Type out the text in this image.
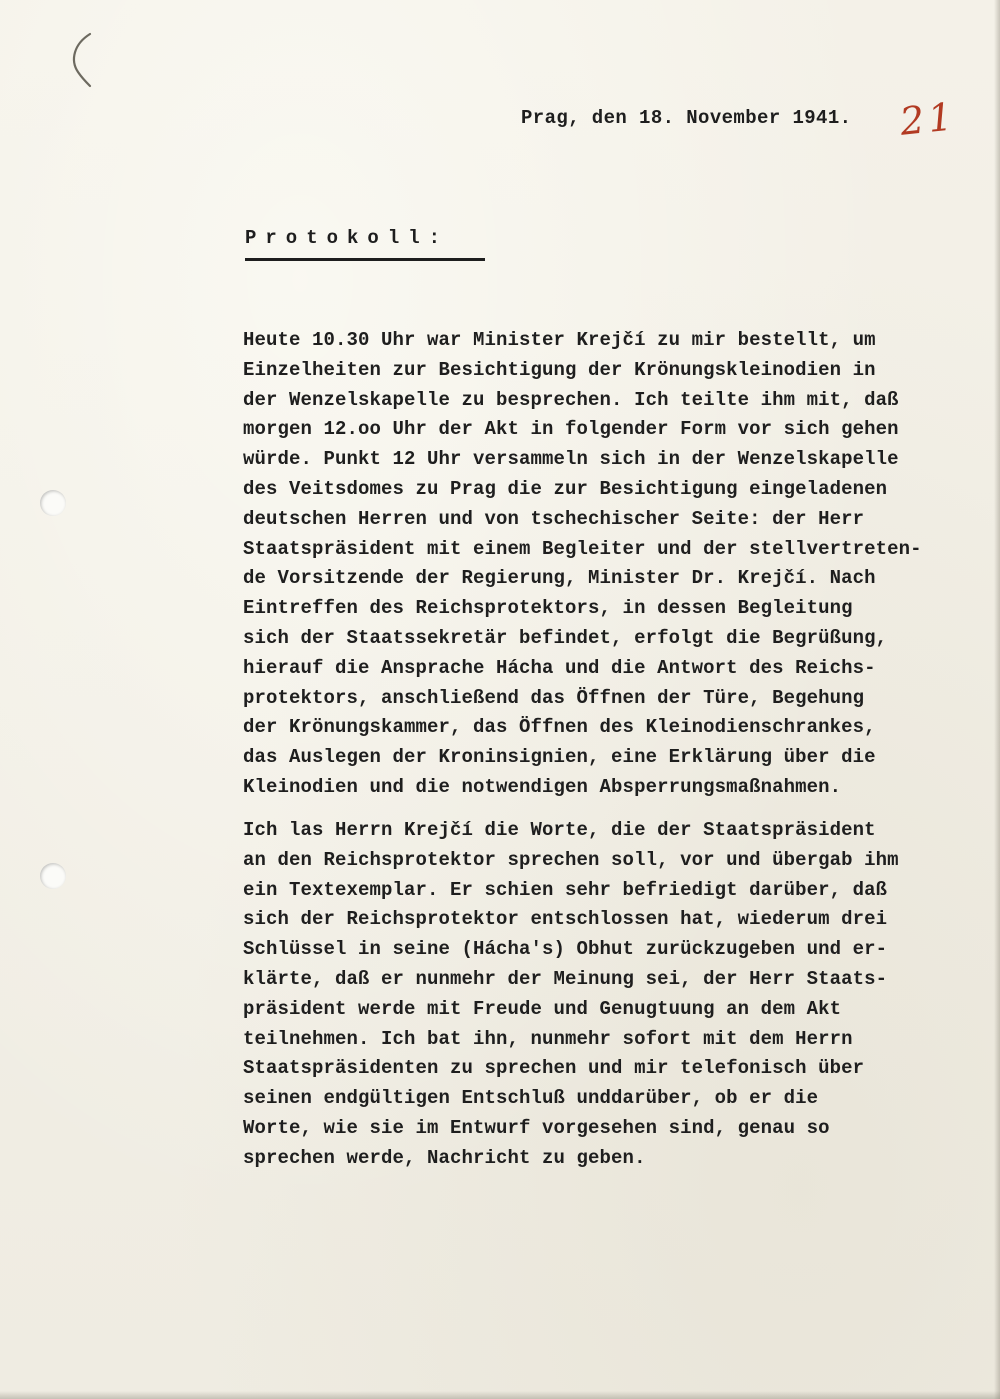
Prag, den 18. November 1941. 21
Protokoll:
Heute 10.30 Uhr war Minister Krejčí zu mir bestellt, um
Einzelheiten zur Besichtigung der Krönungskleinodien in
der Wenzelskapelle zu besprechen. Ich teilte ihm mit, daß
morgen 12.oo Uhr der Akt in folgender Form vor sich gehen
würde. Punkt 12 Uhr versammeln sich in der Wenzelskapelle
des Veitsdomes zu Prag die zur Besichtigung eingeladenen
deutschen Herren und von tschechischer Seite: der Herr
Staatspräsident mit einem Begleiter und der stellvertreten-
de Vorsitzende der Regierung, Minister Dr. Krejčí. Nach
Eintreffen des Reichsprotektors, in dessen Begleitung
sich der Staatssekretär befindet, erfolgt die Begrüßung,
hierauf die Ansprache Hácha und die Antwort des Reichs-
protektors, anschließend das Öffnen der Türe, Begehung
der Krönungskammer, das Öffnen des Kleinodienschrankes,
das Auslegen der Kroninsignien, eine Erklärung über die
Kleinodien und die notwendigen Absperrungsmaßnahmen.
Ich las Herrn Krejčí die Worte, die der Staatspräsident
an den Reichsprotektor sprechen soll, vor und übergab ihm
ein Textexemplar. Er schien sehr befriedigt darüber, daß
sich der Reichsprotektor entschlossen hat, wiederum drei
Schlüssel in seine (Hácha's) Obhut zurückzugeben und er-
klärte, daß er nunmehr der Meinung sei, der Herr Staats-
präsident werde mit Freude und Genugtuung an dem Akt
teilnehmen. Ich bat ihn, nunmehr sofort mit dem Herrn
Staatspräsidenten zu sprechen und mir telefonisch über
seinen endgültigen Entschluß unddarüber, ob er die
Worte, wie sie im Entwurf vorgesehen sind, genau so
sprechen werde, Nachricht zu geben.
